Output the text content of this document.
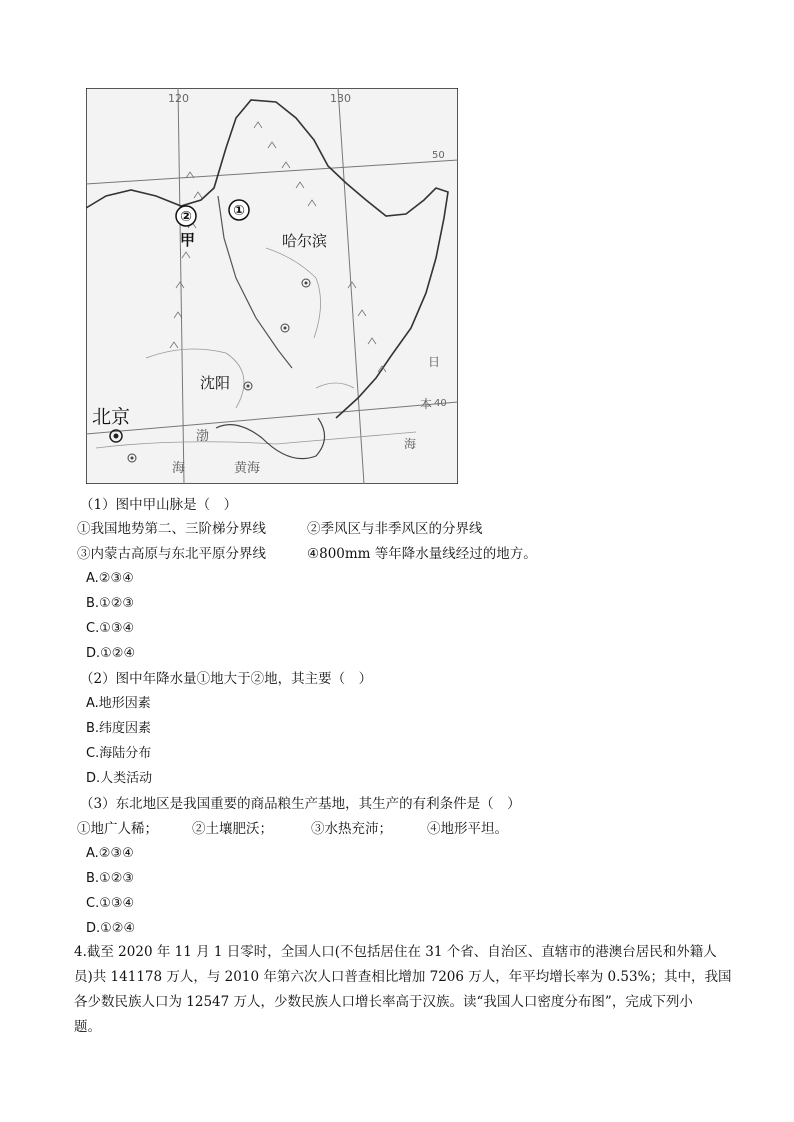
120	130
50
40
②	①
甲	哈尔滨
沈阳
北京
日
本
海
渤
海	黄海
（1）图中甲山脉是（　）
①我国地势第二、三阶梯分界线	②季风区与非季风区的分界线
③内蒙古高原与东北平原分界线	④800mm 等年降水量线经过的地方。
A.②③④
B.①②③
C.①③④
D.①②④
（2）图中年降水量①地大于②地，其主要（　）
A.地形因素
B.纬度因素
C.海陆分布
D.人类活动
（3）东北地区是我国重要的商品粮生产基地，其生产的有利条件是（　）
①地广人稀；	②土壤肥沃；	③水热充沛；	④地形平坦。
A.②③④
B.①②③
C.①③④
D.①②④
4.截至 2020 年 11 月 1 日零时，全国人口(不包括居住在 31 个省、自治区、直辖市的港澳台居民和外籍人
员)共 141178 万人，与 2010 年第六次人口普查相比增加 7206 万人，年平均增长率为 0.53%；其中，我国
各少数民族人口为 12547 万人，少数民族人口增长率高于汉族。读“我国人口密度分布图”，完成下列小
题。
